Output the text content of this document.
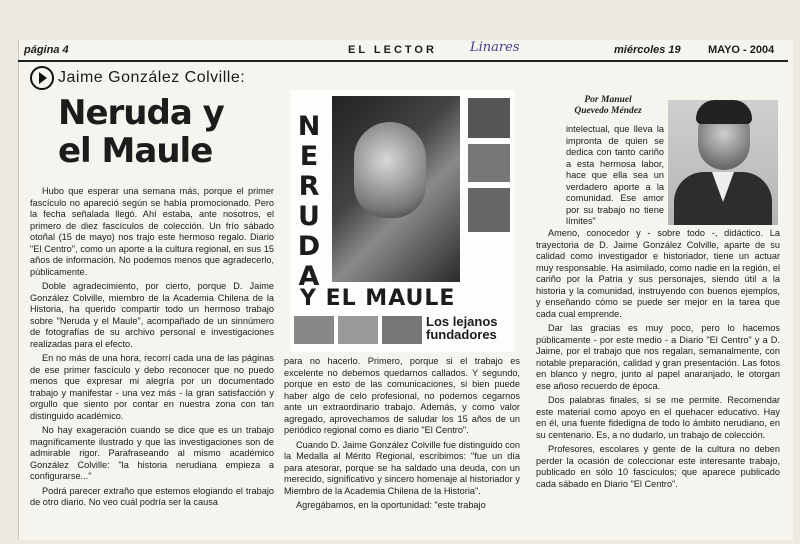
página 4	EL LECTOR	Linares	miércoles 19 MAYO - 2004
Jaime González Colville:
Neruda y
el Maule

Hubo que esperar una semana más, porque el primer fascículo no apareció según se había promocionado. Pero la fecha señalada llegó. Ahí estaba, ante nosotros, el primero de diez fascículos de colección. Un frío sábado otoñal (15 de mayo) nos trajo este hermoso regalo. Diario "El Centro", como un aporte a la cultura regional, en sus 15 años de información. No podemos menos que agradecerlo, públicamente.

Doble agradecimiento, por cierto, porque D. Jaime González Colville, miembro de la Academia Chilena de la Historia, ha querido compartir todo un hermoso trabajo sobre "Neruda y el Maule", acompañado de un sinnúmero de fotografías de su archivo personal e investigaciones realizadas para el efecto.

En no más de una hora, recorrí cada una de las páginas de ese primer fascículo y debo reconocer que no puedo menos que expresar mi alegría por un documentado trabajo y manifestar - una vez más - la gran satisfacción y orgullo que siento por contar en nuestra zona con tan distinguido académico.

No hay exageración cuando se dice que es un trabajo magníficamente ilustrado y que las investigaciones son de admirable rigor. Parafraseando al mismo académico González Colville: "la historia nerudiana empieza a configurarse..."

Podrá parecer extraño que estemos elogiando el trabajo de otro diario. No veo cuál podría ser la causa

N
E
R
U
D
A
Y EL MAULE
Los lejanos fundadores

para no hacerlo. Primero, porque si el trabajo es excelente no debemos quedarnos callados. Y segundo, porque en esto de las comunicaciones, si bien puede haber algo de celo profesional, no podemos cegarnos ante un extraordinario trabajo. Además, y como valor agregado, aprovechamos de saludar los 15 años de un periódico regional como es diario "El Centro".

Cuando D. Jaime González Colville fue distinguido con la Medalla al Mérito Regional, escribimos: "fue un día para atesorar, porque se ha saldado una deuda, con un merecido, significativo y sincero homenaje al historiador y Miembro de la Academia Chilena de la Historia".

Agregábamos, en la oportunidad: "este trabajo

Por Manuel
Quevedo Méndez

intelectual, que lleva la impronta de quien se dedica con tanto cariño a esta hermosa labor, hace que ella sea un verdadero aporte a la comunidad. Ese amor por su trabajo no tiene límites"

Ameno, conocedor y - sobre todo -, didáctico. La trayectoria de D. Jaime González Colville, aparte de su calidad como investigador e historiador, tiene un actuar muy responsable. Ha asimilado, como nadie en la región, el cariño por la Patria y sus personajes, siendo útil a la historia y la comunidad, instruyendo con buenos ejemplos, y enseñando cómo se puede ser mejor en la tarea que cada cual emprende.

Dar las gracias es muy poco, pero lo hacemos públicamente - por este medio - a Diario "El Centro" y a D. Jaime, por el trabajo que nos regalan, semanalmente, con notable preparación, calidad y gran presentación. Las fotos en blanco y negro, junto al papel anaranjado, le otorgan ese añoso recuerdo de época.

Dos palabras finales, si se me permite. Recomendar este material como apoyo en el quehacer educativo. Hay en él, una fuente fidedigna de todo lo ámbito nerudiano, en su centenario. Es, a no dudarlo, un trabajo de colección.

Profesores, escolares y gente de la cultura no deben perder la ocasión de coleccionar este interesante trabajo, publicado en sólo 10 fascículos; que aparece publicado cada sábado en Diario "El Centro".
